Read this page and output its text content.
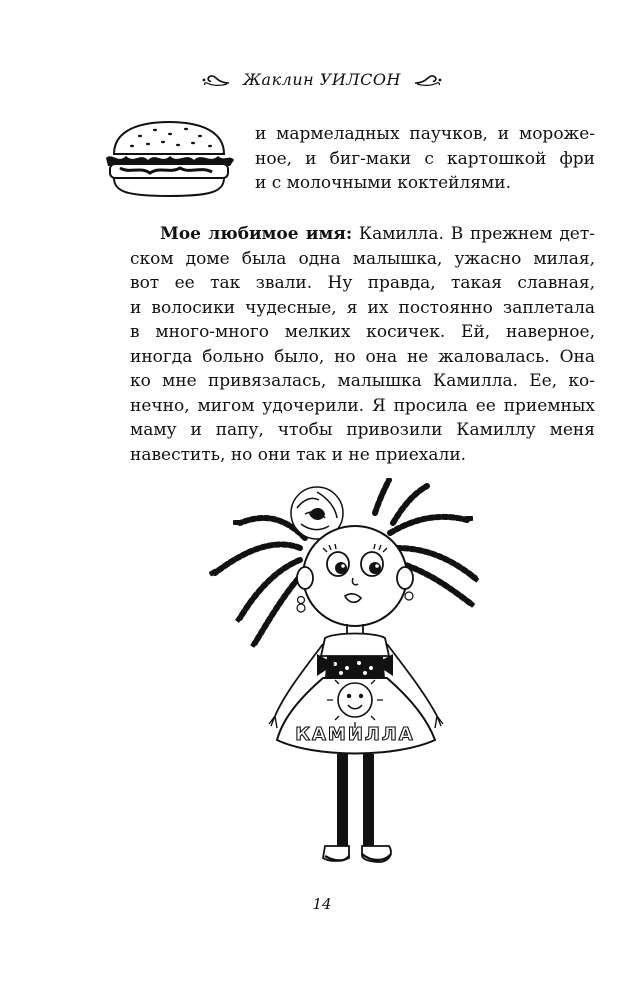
Жаклин УИЛСОН
и мармеладных паучков, и мороже-
ное, и биг-маки с картошкой фри
и с молочными коктейлями.
Мое любимое имя: Камилла. В прежнем дет-
ском доме была одна малышка, ужасно милая,
вот ее так звали. Ну правда, такая славная,
и волосики чудесные, я их постоянно заплетала
в много-много мелких косичек. Ей, наверное,
иногда больно было, но она не жаловалась. Она
ко мне привязалась, малышка Камилла. Ее, ко-
нечно, мигом удочерили. Я просила ее приемных
маму и папу, чтобы привозили Камиллу меня
навестить, но они так и не приехали.
КАМИЛЛА
14
